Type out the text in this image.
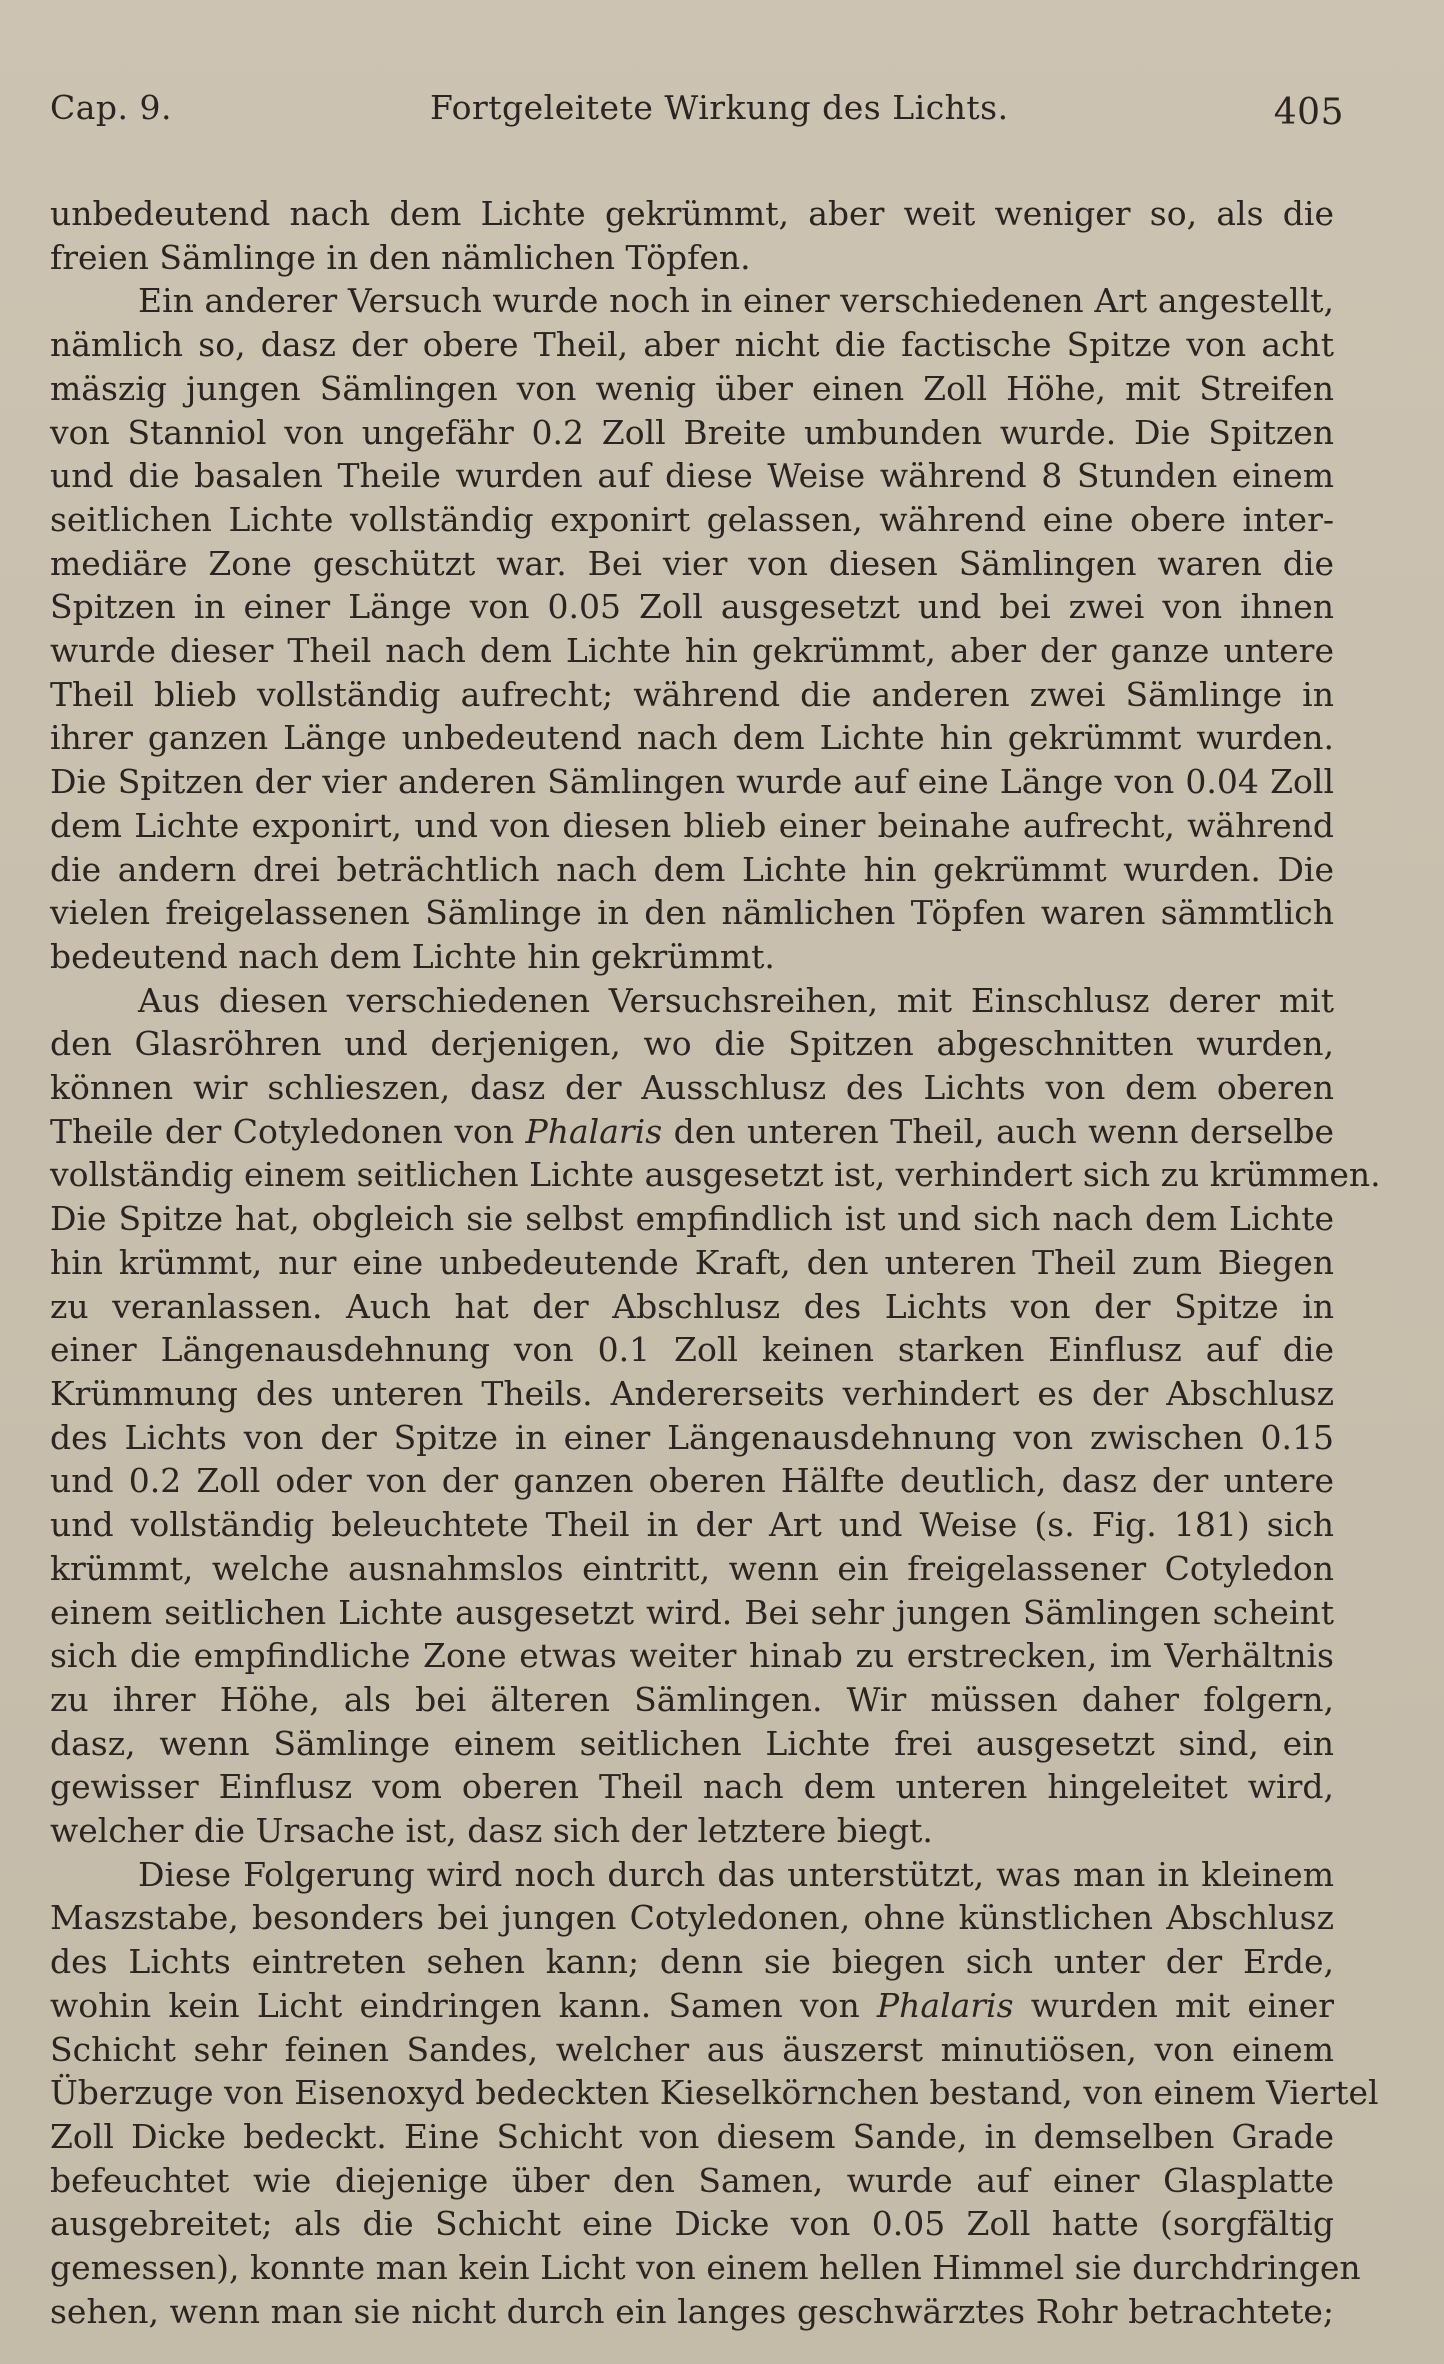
Cap. 9.	Fortgeleitete Wirkung des Lichts.	405
unbedeutend nach dem Lichte gekrümmt, aber weit weniger so, als die
freien Sämlinge in den nämlichen Töpfen.
Ein anderer Versuch wurde noch in einer verschiedenen Art angestellt,
nämlich so, dasz der obere Theil, aber nicht die factische Spitze von acht
mäszig jungen Sämlingen von wenig über einen Zoll Höhe, mit Streifen
von Stanniol von ungefähr 0.2 Zoll Breite umbunden wurde. Die Spitzen
und die basalen Theile wurden auf diese Weise während 8 Stunden einem
seitlichen Lichte vollständig exponirt gelassen, während eine obere inter-
mediäre Zone geschützt war. Bei vier von diesen Sämlingen waren die
Spitzen in einer Länge von 0.05 Zoll ausgesetzt und bei zwei von ihnen
wurde dieser Theil nach dem Lichte hin gekrümmt, aber der ganze untere
Theil blieb vollständig aufrecht; während die anderen zwei Sämlinge in
ihrer ganzen Länge unbedeutend nach dem Lichte hin gekrümmt wurden.
Die Spitzen der vier anderen Sämlingen wurde auf eine Länge von 0.04 Zoll
dem Lichte exponirt, und von diesen blieb einer beinahe aufrecht, während
die andern drei beträchtlich nach dem Lichte hin gekrümmt wurden. Die
vielen freigelassenen Sämlinge in den nämlichen Töpfen waren sämmtlich
bedeutend nach dem Lichte hin gekrümmt.
Aus diesen verschiedenen Versuchsreihen, mit Einschlusz derer mit
den Glasröhren und derjenigen, wo die Spitzen abgeschnitten wurden,
können wir schlieszen, dasz der Ausschlusz des Lichts von dem oberen
Theile der Cotyledonen von Phalaris den unteren Theil, auch wenn derselbe
vollständig einem seitlichen Lichte ausgesetzt ist, verhindert sich zu krümmen.
Die Spitze hat, obgleich sie selbst empfindlich ist und sich nach dem Lichte
hin krümmt, nur eine unbedeutende Kraft, den unteren Theil zum Biegen
zu veranlassen. Auch hat der Abschlusz des Lichts von der Spitze in
einer Längenausdehnung von 0.1 Zoll keinen starken Einflusz auf die
Krümmung des unteren Theils. Andererseits verhindert es der Abschlusz
des Lichts von der Spitze in einer Längenausdehnung von zwischen 0.15
und 0.2 Zoll oder von der ganzen oberen Hälfte deutlich, dasz der untere
und vollständig beleuchtete Theil in der Art und Weise (s. Fig. 181) sich
krümmt, welche ausnahmslos eintritt, wenn ein freigelassener Cotyledon
einem seitlichen Lichte ausgesetzt wird. Bei sehr jungen Sämlingen scheint
sich die empfindliche Zone etwas weiter hinab zu erstrecken, im Verhältnis
zu ihrer Höhe, als bei älteren Sämlingen. Wir müssen daher folgern,
dasz, wenn Sämlinge einem seitlichen Lichte frei ausgesetzt sind, ein
gewisser Einflusz vom oberen Theil nach dem unteren hingeleitet wird,
welcher die Ursache ist, dasz sich der letztere biegt.
Diese Folgerung wird noch durch das unterstützt, was man in kleinem
Maszstabe, besonders bei jungen Cotyledonen, ohne künstlichen Abschlusz
des Lichts eintreten sehen kann; denn sie biegen sich unter der Erde,
wohin kein Licht eindringen kann. Samen von Phalaris wurden mit einer
Schicht sehr feinen Sandes, welcher aus äuszerst minutiösen, von einem
Überzuge von Eisenoxyd bedeckten Kieselkörnchen bestand, von einem Viertel
Zoll Dicke bedeckt. Eine Schicht von diesem Sande, in demselben Grade
befeuchtet wie diejenige über den Samen, wurde auf einer Glasplatte
ausgebreitet; als die Schicht eine Dicke von 0.05 Zoll hatte (sorgfältig
gemessen), konnte man kein Licht von einem hellen Himmel sie durchdringen
sehen, wenn man sie nicht durch ein langes geschwärztes Rohr betrachtete;
